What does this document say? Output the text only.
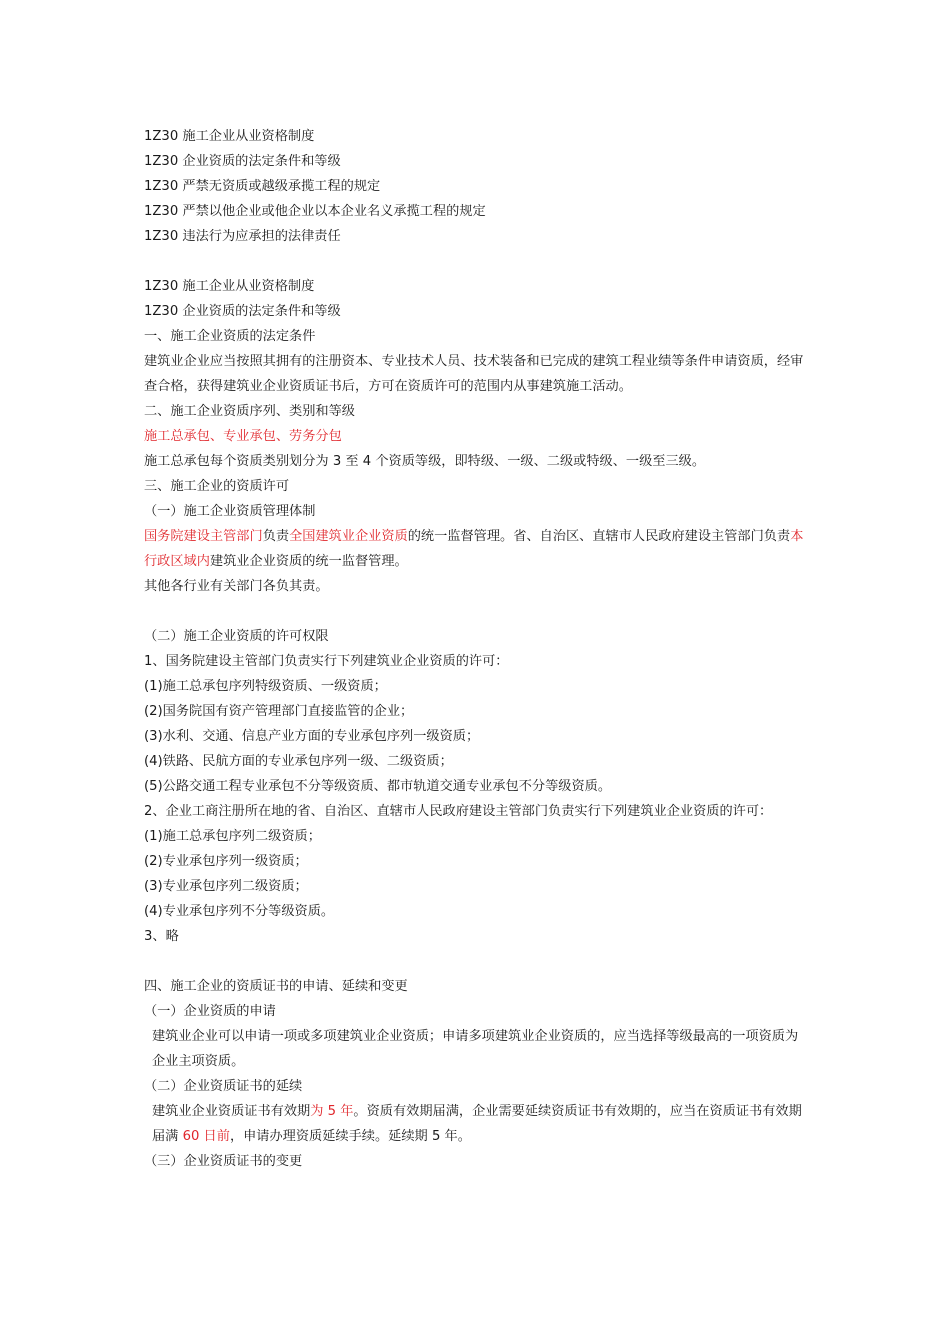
1Z30 施工企业从业资格制度
1Z30 企业资质的法定条件和等级
1Z30 严禁无资质或越级承揽工程的规定
1Z30 严禁以他企业或他企业以本企业名义承揽工程的规定
1Z30 违法行为应承担的法律责任
1Z30 施工企业从业资格制度
1Z30 企业资质的法定条件和等级
一、施工企业资质的法定条件
建筑业企业应当按照其拥有的注册资本、专业技术人员、技术装备和已完成的建筑工程业绩等条件申请资质，经审查合格，获得建筑业企业资质证书后，方可在资质许可的范围内从事建筑施工活动。
二、施工企业资质序列、类别和等级
施工总承包、专业承包、劳务分包
施工总承包每个资质类别划分为 3 至 4 个资质等级，即特级、一级、二级或特级、一级至三级。
三、施工企业的资质许可
（一）施工企业资质管理体制
国务院建设主管部门负责全国建筑业企业资质的统一监督管理。省、自治区、直辖市人民政府建设主管部门负责本行政区域内建筑业企业资质的统一监督管理。
其他各行业有关部门各负其责。
（二）施工企业资质的许可权限
1、国务院建设主管部门负责实行下列建筑业企业资质的许可：
(1)施工总承包序列特级资质、一级资质；
(2)国务院国有资产管理部门直接监管的企业；
(3)水利、交通、信息产业方面的专业承包序列一级资质；
(4)铁路、民航方面的专业承包序列一级、二级资质；
(5)公路交通工程专业承包不分等级资质、都市轨道交通专业承包不分等级资质。
2、企业工商注册所在地的省、自治区、直辖市人民政府建设主管部门负责实行下列建筑业企业资质的许可：
(1)施工总承包序列二级资质；
(2)专业承包序列一级资质；
(3)专业承包序列二级资质；
(4)专业承包序列不分等级资质。
3、略
四、施工企业的资质证书的申请、延续和变更
（一）企业资质的申请
建筑业企业可以申请一项或多项建筑业企业资质；申请多项建筑业企业资质的，应当选择等级最高的一项资质为企业主项资质。
（二）企业资质证书的延续
建筑业企业资质证书有效期为 5 年。资质有效期届满，企业需要延续资质证书有效期的，应当在资质证书有效期届满 60 日前，申请办理资质延续手续。延续期 5 年。
（三）企业资质证书的变更
